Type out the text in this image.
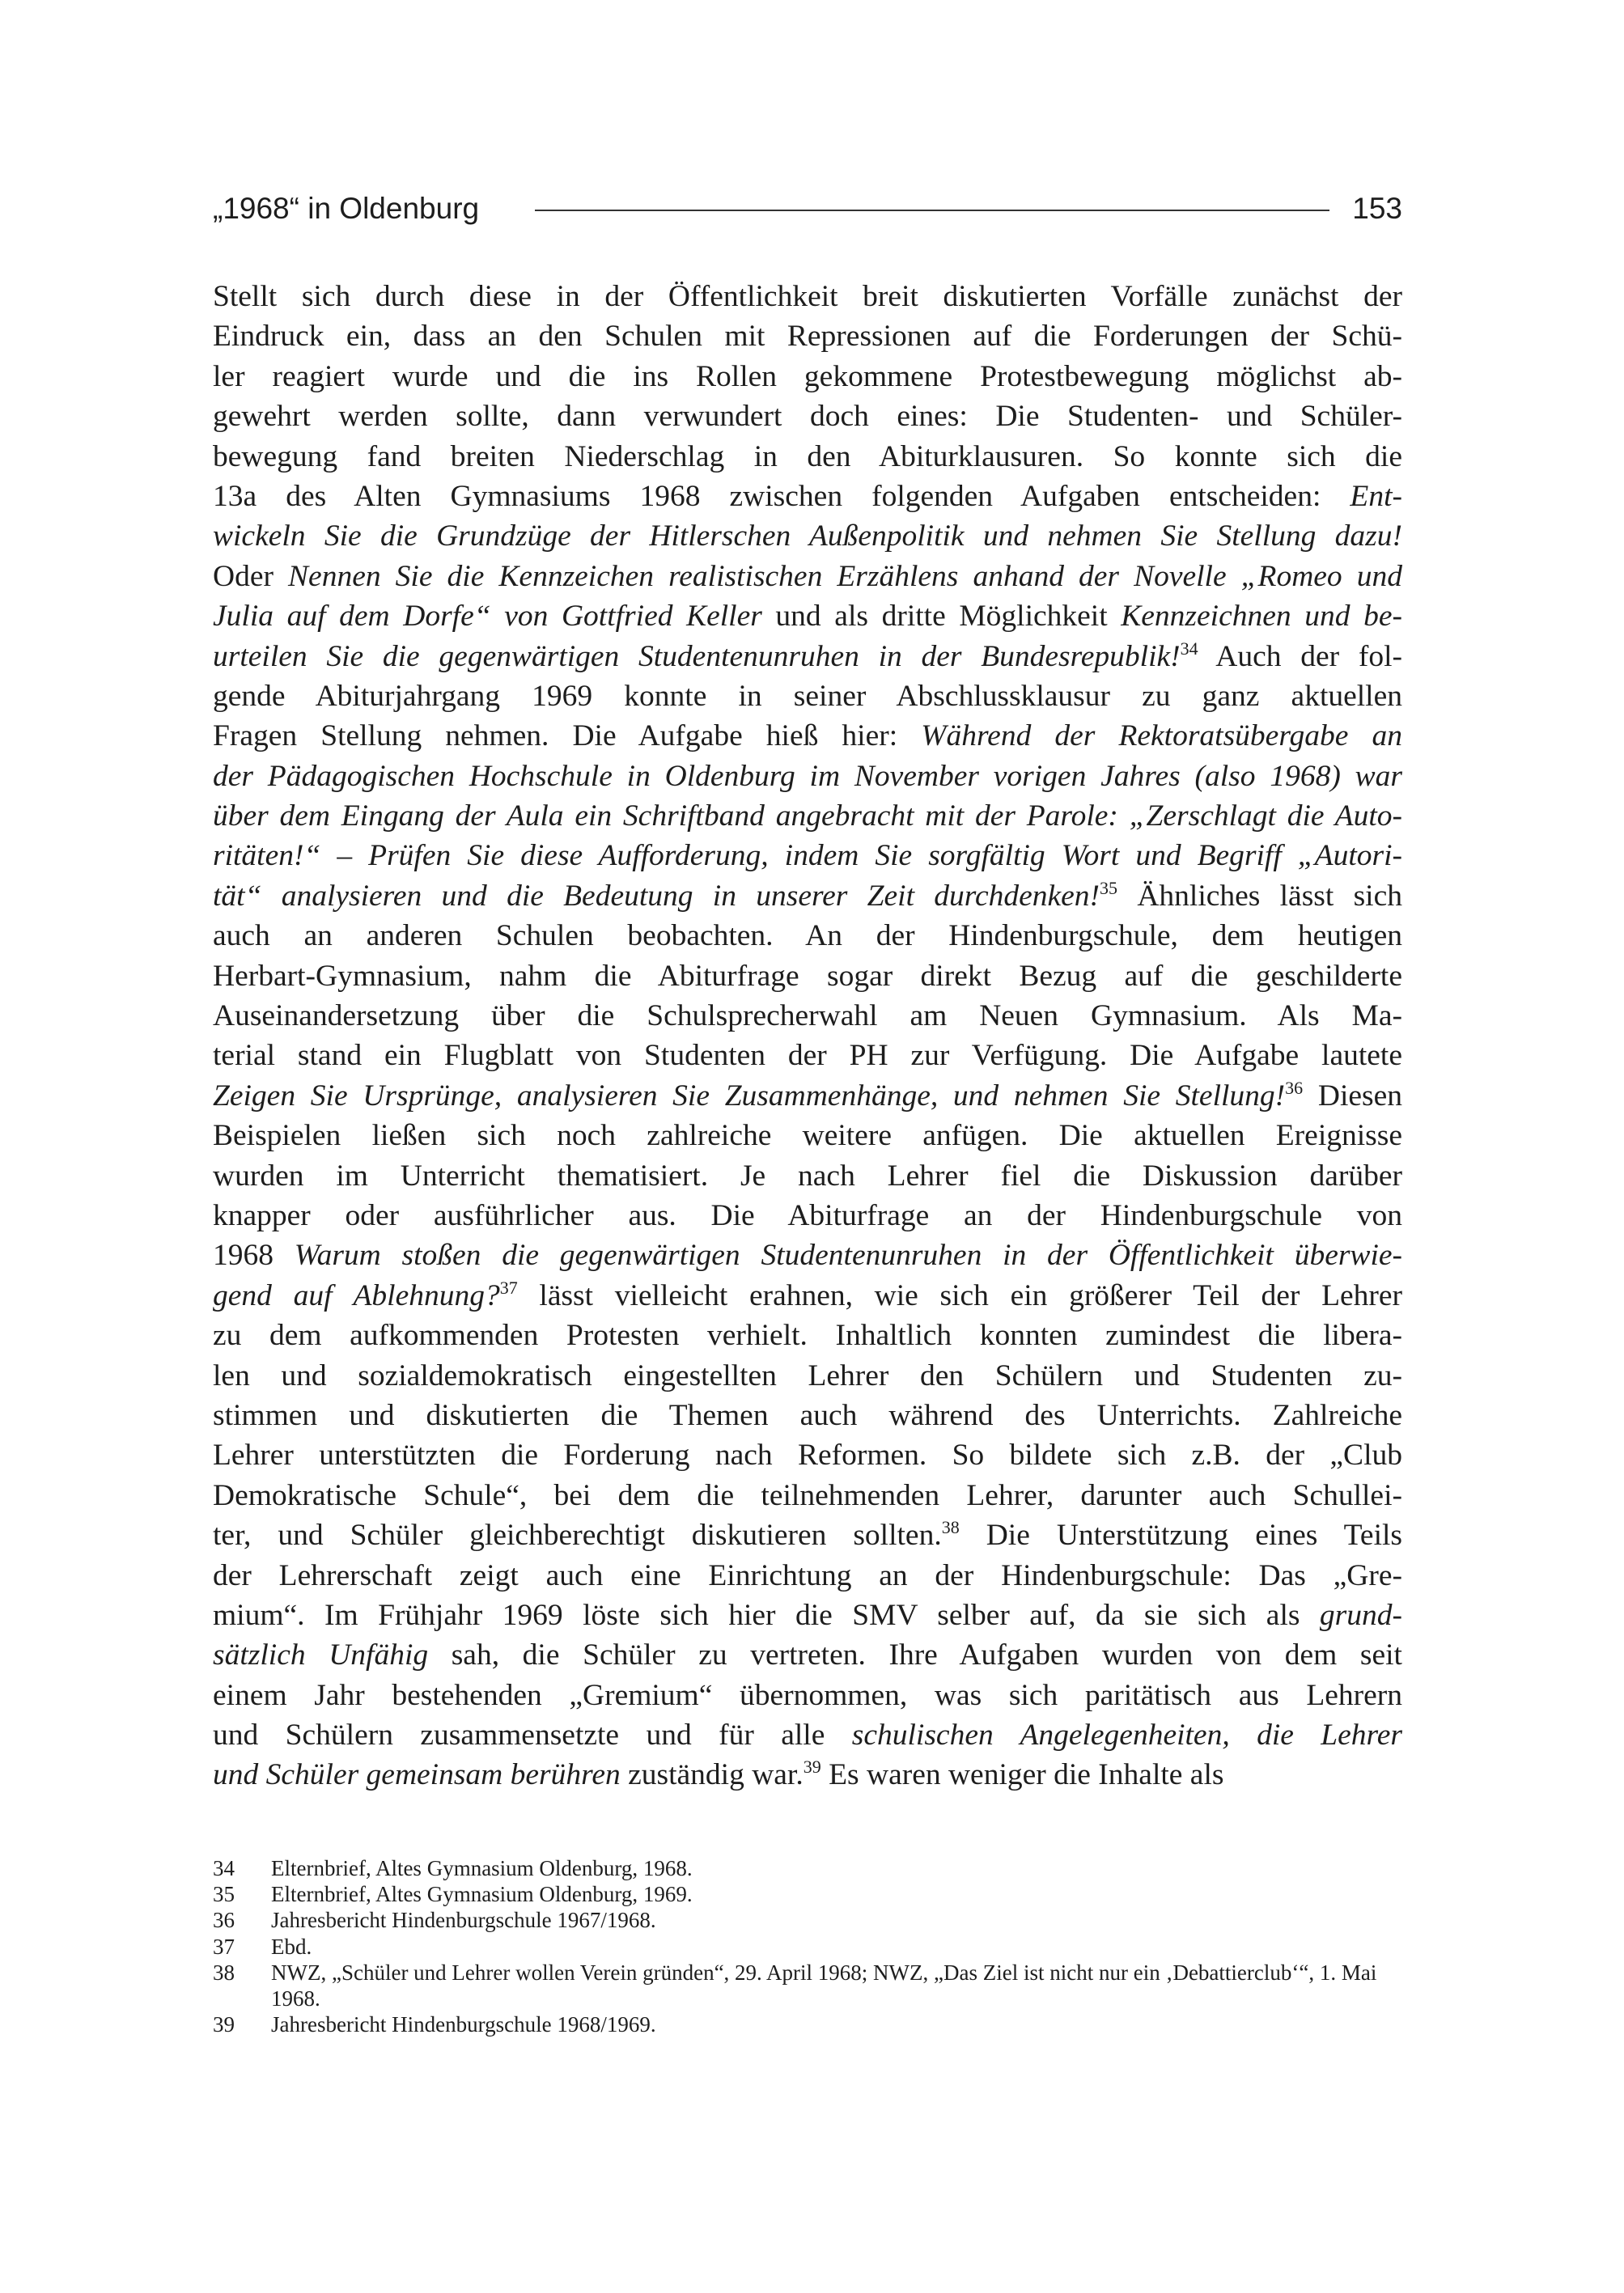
„1968“ in Oldenburg	153
Stellt sich durch diese in der Öffentlichkeit breit diskutierten Vorfälle zunächst der
Eindruck ein, dass an den Schulen mit Repressionen auf die Forderungen der Schü-
ler reagiert wurde und die ins Rollen gekommene Protestbewegung möglichst ab-
gewehrt werden sollte, dann verwundert doch eines: Die Studenten- und Schüler-
bewegung fand breiten Niederschlag in den Abiturklausuren. So konnte sich die
13a des Alten Gymnasiums 1968 zwischen folgenden Aufgaben entscheiden: Ent-
wickeln Sie die Grundzüge der Hitlerschen Außenpolitik und nehmen Sie Stellung dazu!
Oder Nennen Sie die Kennzeichen realistischen Erzählens anhand der Novelle „Romeo und
Julia auf dem Dorfe“ von Gottfried Keller und als dritte Möglichkeit Kennzeichnen und be-
urteilen Sie die gegenwärtigen Studentenunruhen in der Bundesrepublik!$^{34}$ Auch der fol-
gende Abiturjahrgang 1969 konnte in seiner Abschlussklausur zu ganz aktuellen
Fragen Stellung nehmen. Die Aufgabe hieß hier: Während der Rektoratsübergabe an
der Pädagogischen Hochschule in Oldenburg im November vorigen Jahres (also 1968) war
über dem Eingang der Aula ein Schriftband angebracht mit der Parole: „Zerschlagt die Auto-
ritäten!“ – Prüfen Sie diese Aufforderung, indem Sie sorgfältig Wort und Begriff „Autori-
tät“ analysieren und die Bedeutung in unserer Zeit durchdenken!$^{35}$ Ähnliches lässt sich
auch an anderen Schulen beobachten. An der Hindenburgschule, dem heutigen
Herbart-Gymnasium, nahm die Abiturfrage sogar direkt Bezug auf die geschilderte
Auseinandersetzung über die Schulsprecherwahl am Neuen Gymnasium. Als Ma-
terial stand ein Flugblatt von Studenten der PH zur Verfügung. Die Aufgabe lautete
Zeigen Sie Ursprünge, analysieren Sie Zusammenhänge, und nehmen Sie Stellung!$^{36}$ Diesen
Beispielen ließen sich noch zahlreiche weitere anfügen. Die aktuellen Ereignisse
wurden im Unterricht thematisiert. Je nach Lehrer fiel die Diskussion darüber
knapper oder ausführlicher aus. Die Abiturfrage an der Hindenburgschule von
1968 Warum stoßen die gegenwärtigen Studentenunruhen in der Öffentlichkeit überwie-
gend auf Ablehnung?$^{37}$ lässt vielleicht erahnen, wie sich ein größerer Teil der Lehrer
zu dem aufkommenden Protesten verhielt. Inhaltlich konnten zumindest die libera-
len und sozialdemokratisch eingestellten Lehrer den Schülern und Studenten zu-
stimmen und diskutierten die Themen auch während des Unterrichts. Zahlreiche
Lehrer unterstützten die Forderung nach Reformen. So bildete sich z.B. der „Club
Demokratische Schule“, bei dem die teilnehmenden Lehrer, darunter auch Schullei-
ter, und Schüler gleichberechtigt diskutieren sollten.$^{38}$ Die Unterstützung eines Teils
der Lehrerschaft zeigt auch eine Einrichtung an der Hindenburgschule: Das „Gre-
mium“. Im Frühjahr 1969 löste sich hier die SMV selber auf, da sie sich als grund-
sätzlich Unfähig sah, die Schüler zu vertreten. Ihre Aufgaben wurden von dem seit
einem Jahr bestehenden „Gremium“ übernommen, was sich paritätisch aus Lehrern
und Schülern zusammensetzte und für alle schulischen Angelegenheiten, die Lehrer
und Schüler gemeinsam berühren zuständig war.$^{39}$ Es waren weniger die Inhalte als
34 Elternbrief, Altes Gymnasium Oldenburg, 1968.
35 Elternbrief, Altes Gymnasium Oldenburg, 1969.
36 Jahresbericht Hindenburgschule 1967/1968.
37 Ebd.
38 NWZ, „Schüler und Lehrer wollen Verein gründen“, 29. April 1968; NWZ, „Das Ziel ist nicht nur ein ‚Debattierclub‘“, 1. Mai 1968.
39 Jahresbericht Hindenburgschule 1968/1969.
